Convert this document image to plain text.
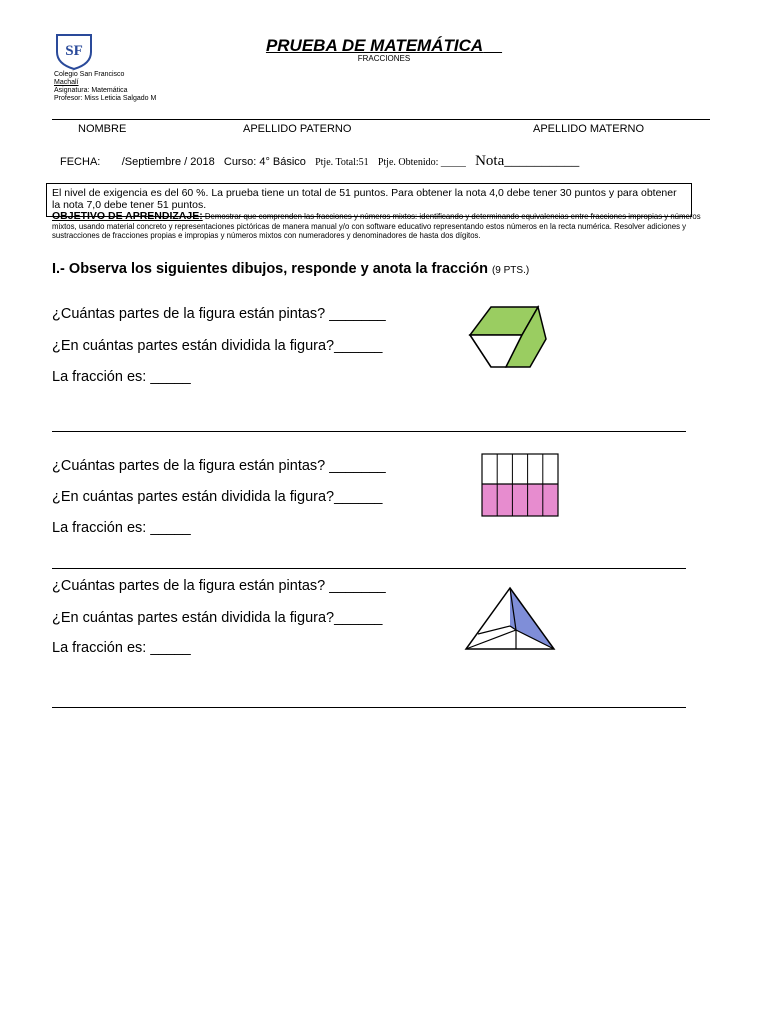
SF
Colegio San Francisco
Machalí
Asignatura: Matemática
Profesor: Miss Leticia Salgado M
PRUEBA DE MATEMÁTICA
FRACCIONES
NOMBRE	APELLIDO PATERNO	APELLIDO MATERNO
FECHA: /Septiembre / 2018 Curso: 4° Básico Ptje. Total:51 Ptje. Obtenido: _____ Nota__________
El nivel de exigencia es del 60 %. La prueba tiene un total de 51 puntos. Para obtener la nota 4,0 debe tener 30 puntos y para obtener la nota 7,0 debe tener 51 puntos.
OBJETIVO DE APRENDIZAJE: Demostrar que comprenden las fracciones y números mixtos: identificando y determinando equivalencias entre fracciones impropias y números mixtos, usando material concreto y representaciones pictóricas de manera manual y/o con software educativo representando estos números en la recta numérica. Resolver adiciones y sustracciones de fracciones propias e impropias y números mixtos con numeradores y denominadores de hasta dos dígitos.
I.- Observa los siguientes dibujos, responde y anota la fracción (9 PTS.)
¿Cuántas partes de la figura están pintas? _______
¿En cuántas partes están dividida la figura?______
La fracción es: _____
¿Cuántas partes de la figura están pintas? _______
¿En cuántas partes están dividida la figura?______
La fracción es: _____
¿Cuántas partes de la figura están pintas? _______
¿En cuántas partes están dividida la figura?______
La fracción es: _____
